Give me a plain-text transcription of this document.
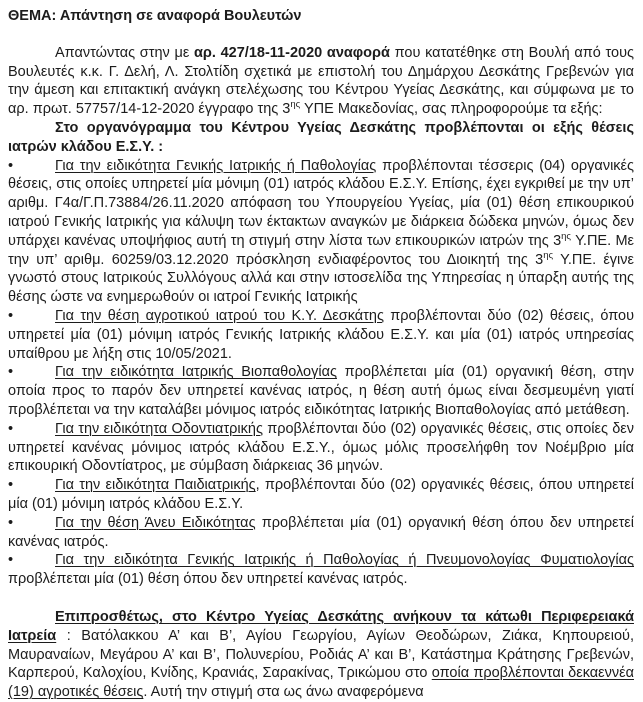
ΘΕΜΑ: Απάντηση σε αναφορά Βουλευτών

Απαντώντας στην με αρ. 427/18-11-2020 αναφορά που κατατέθηκε στη Βουλή από τους Βουλευτές κ.κ. Γ. Δελή, Λ. Στολτίδη σχετικά με επιστολή του Δημάρχου Δεσκάτης Γρεβενών για την άμεση και επιτακτική ανάγκη στελέχωσης του Κέντρου Υγείας Δεσκάτης, και σύμφωνα με το αρ. πρωτ. 57757/14-12-2020 έγγραφο της $3^{\eta\varsigma}$ ΥΠΕ Μακεδονίας, σας πληροφορούμε τα εξής:

Στο οργανόγραμμα του Κέντρου Υγείας Δεσκάτης προβλέπονται οι εξής θέσεις ιατρών κλάδου Ε.Σ.Υ. :

•	Για την ειδικότητα Γενικής Ιατρικής ή Παθολογίας προβλέπονται τέσσερις (04) οργανικές θέσεις, στις οποίες υπηρετεί μία μόνιμη (01) ιατρός κλάδου Ε.Σ.Υ. Επίσης, έχει εγκριθεί με την υπ’ αριθμ. Γ4α/Γ.Π.73884/26.11.2020 απόφαση του Υπουργείου Υγείας, μία (01) θέση επικουρικού ιατρού Γενικής Ιατρικής για κάλυψη των έκτακτων αναγκών με διάρκεια δώδεκα μηνών, όμως δεν υπάρχει κανένας υποψήφιος αυτή τη στιγμή στην λίστα των επικουρικών ιατρών της $3^{\eta\varsigma}$ Υ.ΠΕ. Με την υπ’ αριθμ. 60259/03.12.2020 πρόσκληση ενδιαφέροντος του Διοικητή της $3^{\eta\varsigma}$ Υ.ΠΕ. έγινε γνωστό στους Ιατρικούς Συλλόγους αλλά και στην ιστοσελίδα της Υπηρεσίας η ύπαρξη αυτής της θέσης ώστε να ενημερωθούν οι ιατροί Γενικής Ιατρικής
•	Για την θέση αγροτικού ιατρού του Κ.Υ. Δεσκάτης προβλέπονται δύο (02) θέσεις, όπου υπηρετεί μία (01) μόνιμη ιατρός Γενικής Ιατρικής κλάδου Ε.Σ.Υ. και μία (01) ιατρός υπηρεσίας υπαίθρου με λήξη στις 10/05/2021.
•	Για την ειδικότητα Ιατρικής Βιοπαθολογίας προβλέπεται μία (01) οργανική θέση, στην οποία προς το παρόν δεν υπηρετεί κανένας ιατρός, η θέση αυτή όμως είναι δεσμευμένη γιατί προβλέπεται να την καταλάβει μόνιμος ιατρός ειδικότητας Ιατρικής Βιοπαθολογίας από μετάθεση.
•	Για την ειδικότητα Οδοντιατρικής προβλέπονται δύο (02) οργανικές θέσεις, στις οποίες δεν υπηρετεί κανένας μόνιμος ιατρός κλάδου Ε.Σ.Υ., όμως μόλις προσελήφθη τον Νοέμβριο μία επικουρική Οδοντίατρος, με σύμβαση διάρκειας 36 μηνών.
•	Για την ειδικότητα Παιδιατρικής, προβλέπονται δύο (02) οργανικές θέσεις, όπου υπηρετεί μία (01) μόνιμη ιατρός κλάδου Ε.Σ.Υ.
•	Για την θέση Άνευ Ειδικότητας προβλέπεται μία (01) οργανική θέση όπου δεν υπηρετεί κανένας ιατρός.
•	Για την ειδικότητα Γενικής Ιατρικής ή Παθολογίας ή Πνευμονολογίας Φυματιολογίας προβλέπεται μία (01) θέση όπου δεν υπηρετεί κανένας ιατρός.

Επιπροσθέτως, στο Κέντρο Υγείας Δεσκάτης ανήκουν τα κάτωθι Περιφερειακά Ιατρεία : Βατόλακκου Α’ και Β’, Αγίου Γεωργίου, Αγίων Θεοδώρων, Ζιάκα, Κηπουρειού, Μαυραναίων, Μεγάρου Α’ και Β’, Πολυνερίου, Ροδιάς Α’ και Β’, Κατάστημα Κράτησης Γρεβενών, Καρπερού, Καλοχίου, Κνίδης, Κρανιάς, Σαρακίνας, Τρικώμου στο οποία προβλέπονται δεκαεννέα (19) αγροτικές θέσεις. Αυτή την στιγμή στα ως άνω αναφερόμενα
